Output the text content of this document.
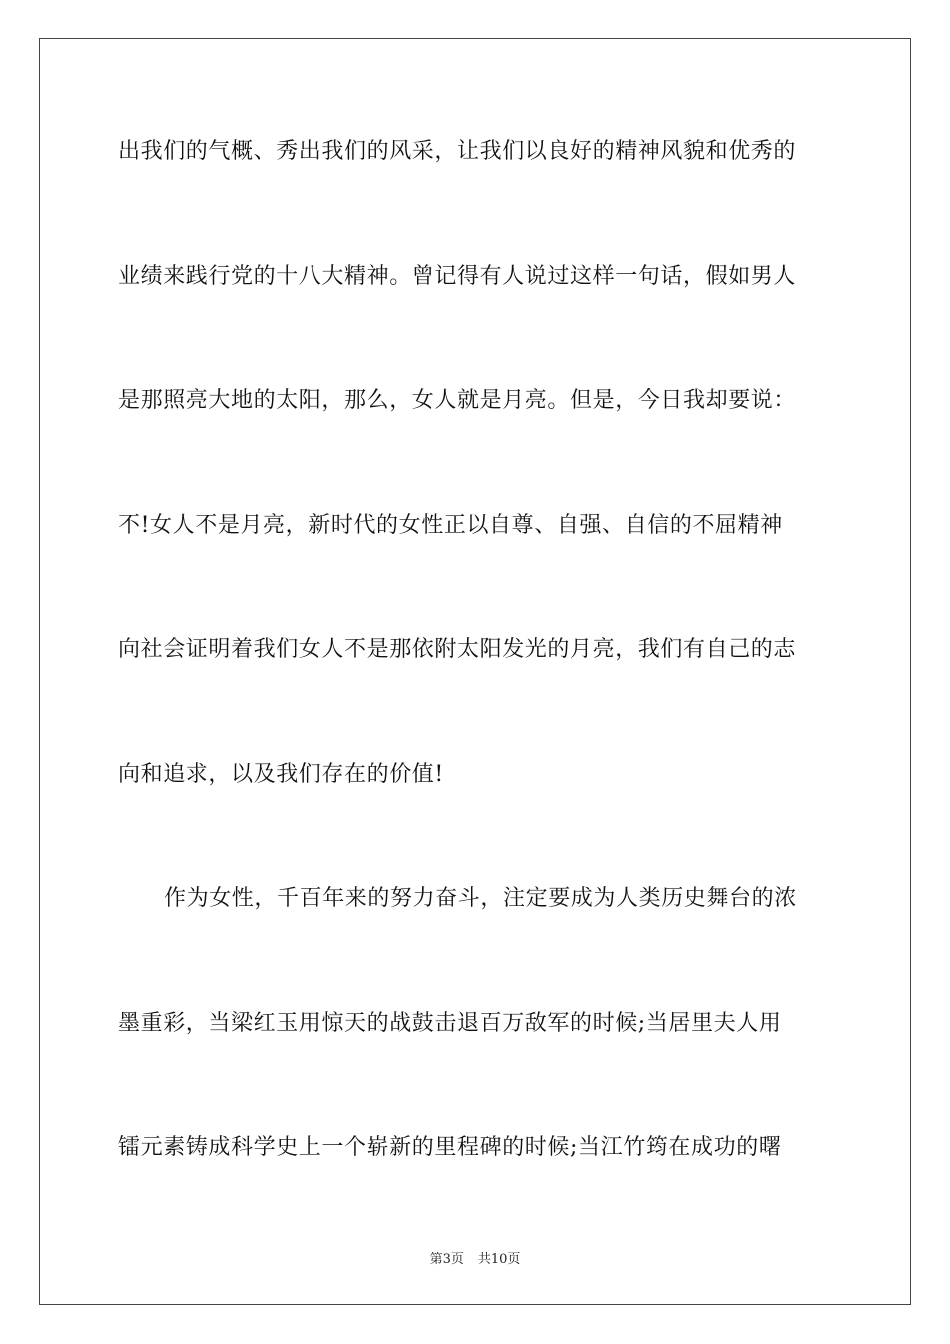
出我们的气概、秀出我们的风采，让我们以良好的精神风貌和优秀的
业绩来践行党的十八大精神。曾记得有人说过这样一句话，假如男人
是那照亮大地的太阳，那么，女人就是月亮。但是，今日我却要说：
不!女人不是月亮，新时代的女性正以自尊、自强、自信的不屈精神
向社会证明着我们女人不是那依附太阳发光的月亮，我们有自己的志
向和追求，以及我们存在的价值!
作为女性，千百年来的努力奋斗，注定要成为人类历史舞台的浓
墨重彩，当梁红玉用惊天的战鼓击退百万敌军的时候;当居里夫人用
镭元素铸成科学史上一个崭新的里程碑的时候;当江竹筠在成功的曙
第3页 共10页
